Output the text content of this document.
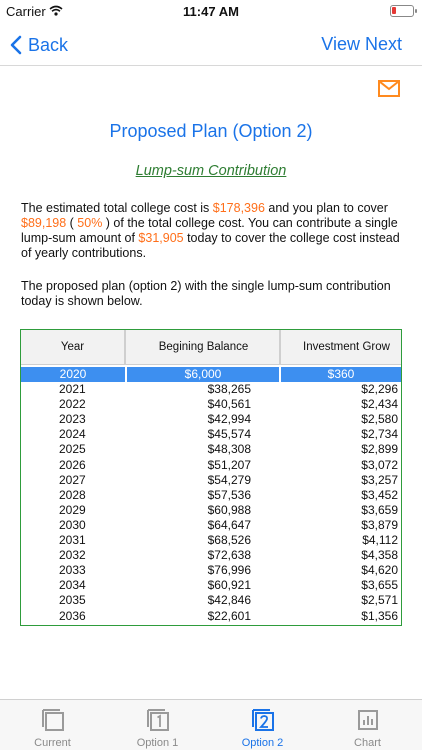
Carrier	11:47 AM
Back	View Next
Proposed Plan (Option 2)
Lump-sum Contribution
The estimated total college cost is $178,396 and you plan to cover $89,198 ( 50% ) of the total college cost. You can contribute a single lump-sum amount of $31,905 today to cover the college cost instead of yearly contributions.
The proposed plan (option 2) with the single lump-sum contribution today is shown below.
Year	Begining Balance	Investment Grow
2020	$6,000	$360
2021	$38,265	$2,296
2022	$40,561	$2,434
2023	$42,994	$2,580
2024	$45,574	$2,734
2025	$48,308	$2,899
2026	$51,207	$3,072
2027	$54,279	$3,257
2028	$57,536	$3,452
2029	$60,988	$3,659
2030	$64,647	$3,879
2031	$68,526	$4,112
2032	$72,638	$4,358
2033	$76,996	$4,620
2034	$60,921	$3,655
2035	$42,846	$2,571
2036	$22,601	$1,356
Current	Option 1	Option 2	Chart
